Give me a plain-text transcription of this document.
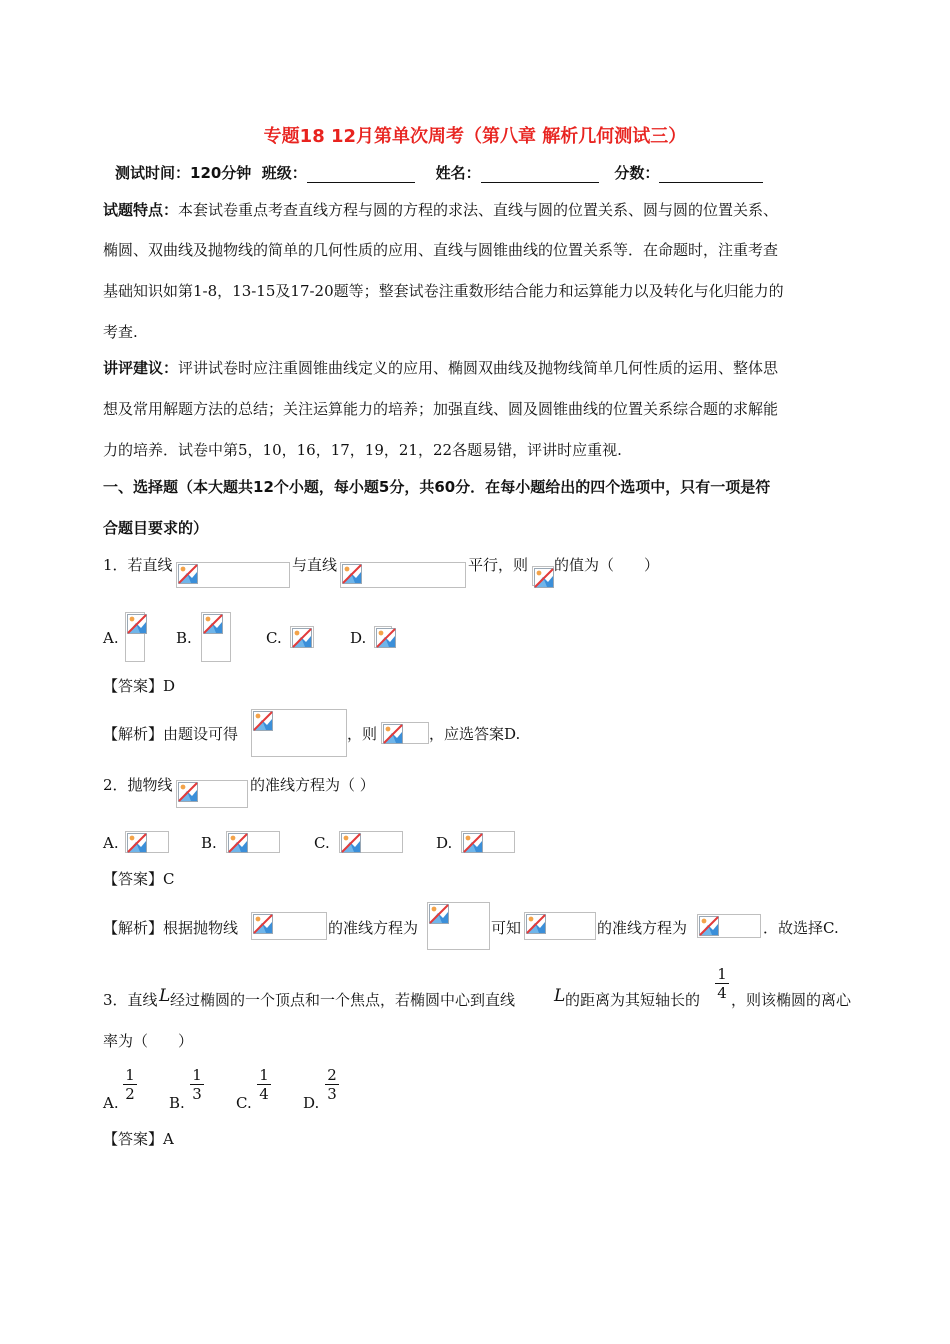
专题18 12月第单次周考（第八章 解析几何测试三）
测试时间：120分钟 班级：	姓名：	分数：
试题特点：本套试卷重点考查直线方程与圆的方程的求法、直线与圆的位置关系、圆与圆的位置关系、
椭圆、双曲线及抛物线的简单的几何性质的应用、直线与圆锥曲线的位置关系等．在命题时，注重考查
基础知识如第1-8，13-15及17-20题等；整套试卷注重数形结合能力和运算能力以及转化与化归能力的
考查.
讲评建议：评讲试卷时应注重圆锥曲线定义的应用、椭圆双曲线及抛物线简单几何性质的运用、整体思
想及常用解题方法的总结；关注运算能力的培养；加强直线、圆及圆锥曲线的位置关系综合题的求解能
力的培养．试卷中第5，10，16，17，19，21，22各题易错，评讲时应重视.
一、选择题（本大题共12个小题，每小题5分，共60分．在每小题给出的四个选项中，只有一项是符
合题目要求的）
1．若直线	与直线	平行，则 的值为（　　）
A.	B.	C.	D.
【答案】D
【解析】由题设可得	，则	，应选答案D.
2．抛物线	的准线方程为（ ）
A.	B.	C.	D.
【答案】C
【解析】根据抛物线	的准线方程为	可知	的准线方程为	．故选择C.
3．直线 L 经过椭圆的一个顶点和一个焦点，若椭圆中心到直线 L 的距离为其短轴长的
1
4 ，则该椭圆的离心
率为（　　）
A.
1
2 B.
1
3 C.
1
4 D.
2
3
【答案】A
